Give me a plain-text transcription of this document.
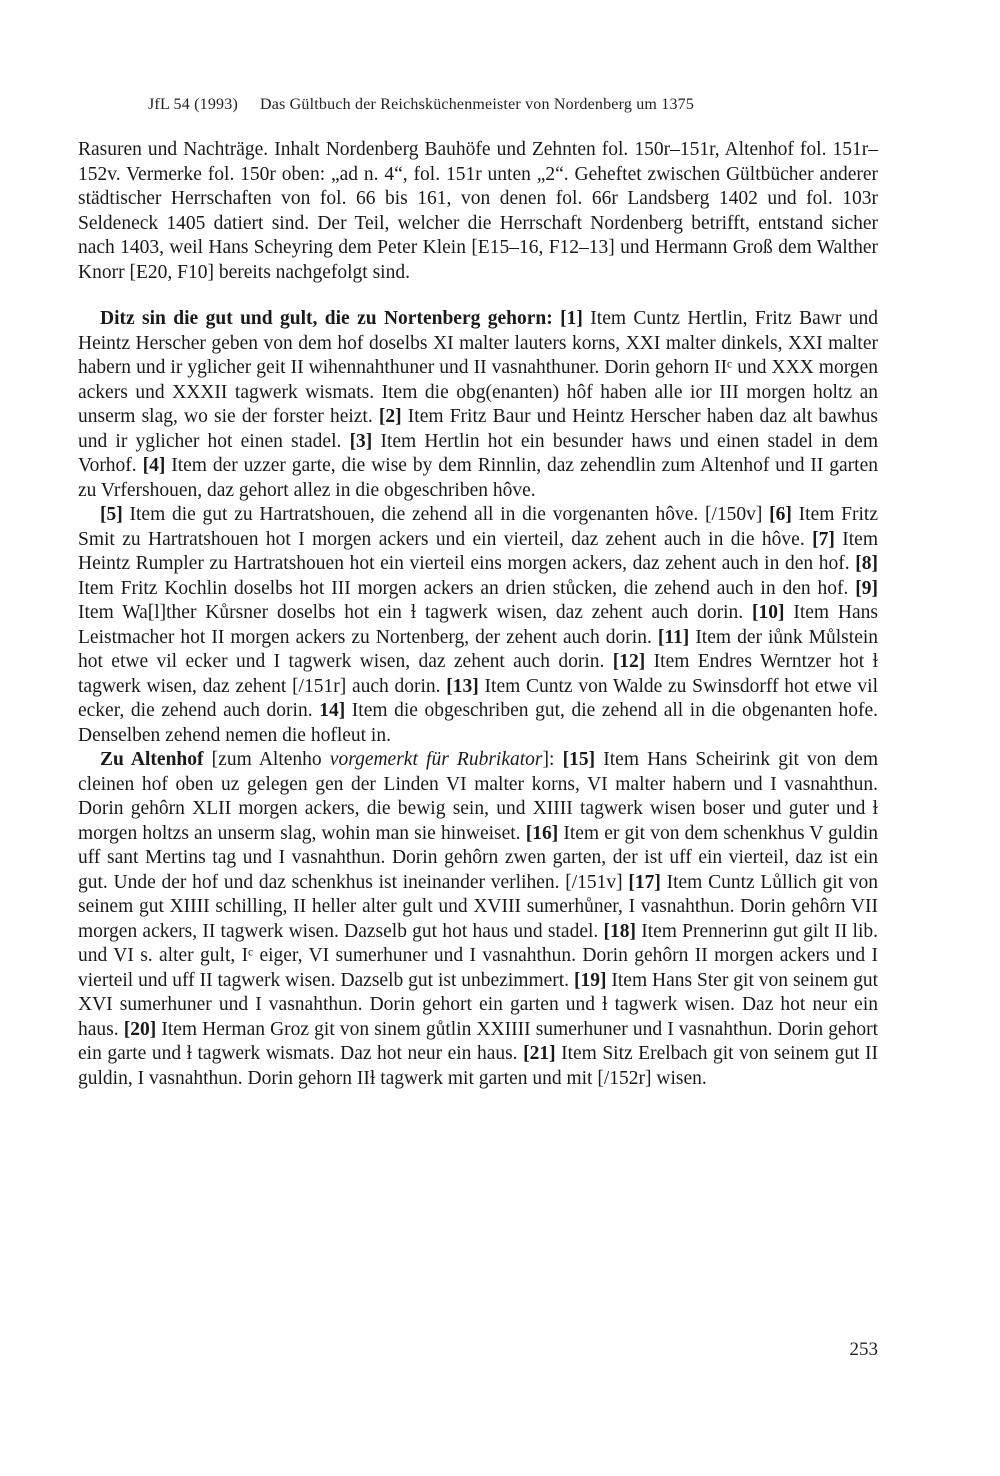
JfL 54 (1993) Das Gültbuch der Reichsküchenmeister von Nordenberg um 1375

Rasuren und Nachträge. Inhalt Nordenberg Bauhöfe und Zehnten fol. 150r–151r, Altenhof fol. 151r–152v. Vermerke fol. 150r oben: „ad n. 4“, fol. 151r unten „2“. Geheftet zwischen Gültbücher anderer städtischer Herrschaften von fol. 66 bis 161, von denen fol. 66r Landsberg 1402 und fol. 103r Seldeneck 1405 datiert sind. Der Teil, welcher die Herrschaft Nordenberg betrifft, entstand sicher nach 1403, weil Hans Scheyring dem Peter Klein [E15–16, F12–13] und Hermann Groß dem Walther Knorr [E20, F10] bereits nachgefolgt sind.

Ditz sin die gut und gult, die zu Nortenberg gehorn: [1] Item Cuntz Hertlin, Fritz Bawr und Heintz Herscher geben von dem hof doselbs XI malter lauters korns, XXI malter dinkels, XXI malter habern und ir yglicher geit II wihennahthuner und II vasnahthuner. Dorin gehorn IIᶜ und XXX morgen ackers und XXXII tagwerk wismats. Item die obg(enanten) hôf haben alle ior III morgen holtz an unserm slag, wo sie der forster heizt. [2] Item Fritz Baur und Heintz Herscher haben daz alt bawhus und ir yglicher hot einen stadel. [3] Item Hertlin hot ein besunder haws und einen stadel in dem Vorhof. [4] Item der uzzer garte, die wise by dem Rinnlin, daz zehendlin zum Altenhof und II garten zu Vrfershouen, daz gehort allez in die obgeschriben hôve.

[5] Item die gut zu Hartratshouen, die zehend all in die vorgenanten hôve. [/150v] [6] Item Fritz Smit zu Hartratshouen hot I morgen ackers und ein vierteil, daz zehent auch in die hôve. [7] Item Heintz Rumpler zu Hartratshouen hot ein vierteil eins morgen ackers, daz zehent auch in den hof. [8] Item Fritz Kochlin doselbs hot III morgen ackers an drien stůcken, die zehend auch in den hof. [9] Item Wa[l]ther Kůrsner doselbs hot ein ɫ tagwerk wisen, daz zehent auch dorin. [10] Item Hans Leistmacher hot II morgen ackers zu Nortenberg, der zehent auch dorin. [11] Item der iůnk Můlstein hot etwe vil ecker und I tagwerk wisen, daz zehent auch dorin. [12] Item Endres Werntzer hot ɫ tagwerk wisen, daz zehent [/151r] auch dorin. [13] Item Cuntz von Walde zu Swinsdorff hot etwe vil ecker, die zehend auch dorin. 14] Item die obgeschriben gut, die zehend all in die obgenanten hofe. Denselben zehend nemen die hofleut in.

Zu Altenhof [zum Altenho vorgemerkt für Rubrikator]: [15] Item Hans Scheirink git von dem cleinen hof oben uz gelegen gen der Linden VI malter korns, VI malter habern und I vasnahthun. Dorin gehôrn XLII morgen ackers, die bewig sein, und XIIII tagwerk wisen boser und guter und ɫ morgen holtzs an unserm slag, wohin man sie hinweiset. [16] Item er git von dem schenkhus V guldin uff sant Mertins tag und I vasnahthun. Dorin gehôrn zwen garten, der ist uff ein vierteil, daz ist ein gut. Unde der hof und daz schenkhus ist ineinander verlihen. [/151v] [17] Item Cuntz Lůllich git von seinem gut XIIII schilling, II heller alter gult und XVIII sumerhůner, I vasnahthun. Dorin gehôrn VII morgen ackers, II tagwerk wisen. Dazselb gut hot haus und stadel. [18] Item Prennerinn gut gilt II lib. und VI s. alter gult, Iᶜ eiger, VI sumerhuner und I vasnahthun. Dorin gehôrn II morgen ackers und I vierteil und uff II tagwerk wisen. Dazselb gut ist unbezimmert. [19] Item Hans Ster git von seinem gut XVI sumerhuner und I vasnahthun. Dorin gehort ein garten und ɫ tagwerk wisen. Daz hot neur ein haus. [20] Item Herman Groz git von sinem gůtlin XXIIII sumerhuner und I vasnahthun. Dorin gehort ein garte und ɫ tagwerk wismats. Daz hot neur ein haus. [21] Item Sitz Erelbach git von seinem gut II guldin, I vasnahthun. Dorin gehorn IIɫ tagwerk mit garten und mit [/152r] wisen.

253
